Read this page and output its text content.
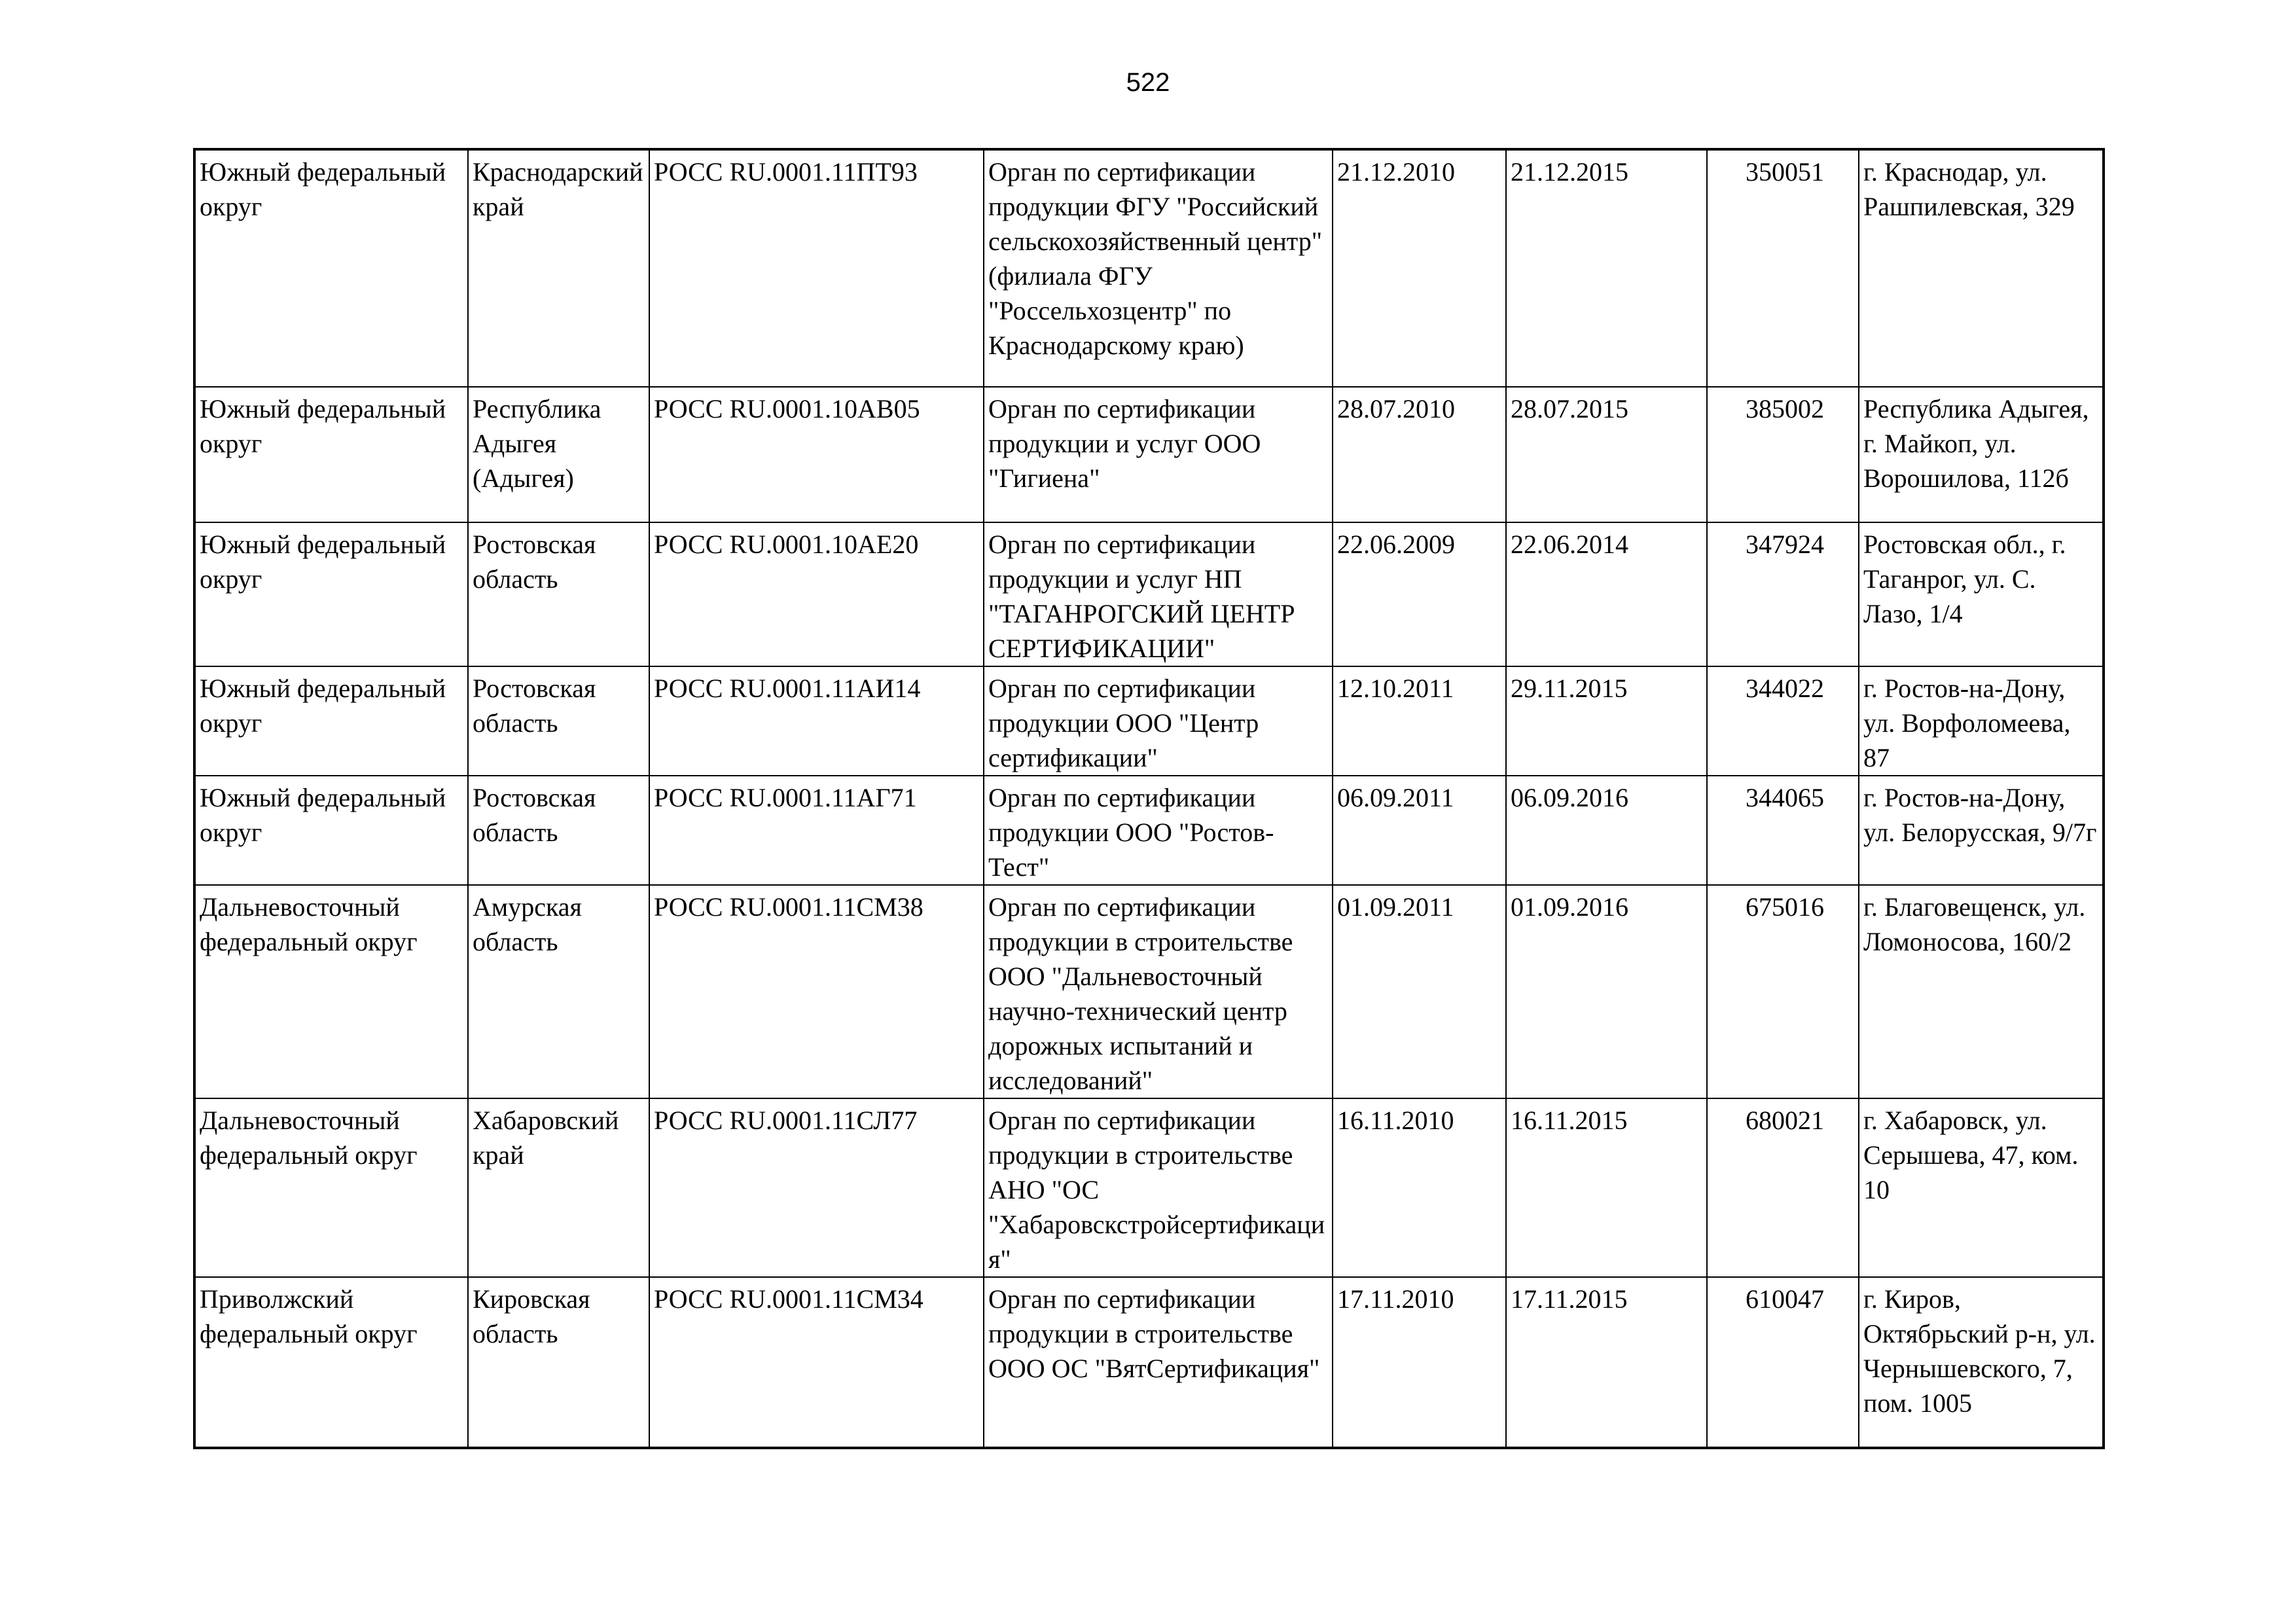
522
Южный федеральный округ	Краснодарский край	РОСС RU.0001.11ПТ93	Орган по сертификации продукции ФГУ "Российский сельскохозяйственный центр" (филиала ФГУ "Россельхозцентр" по Краснодарскому краю)	21.12.2010	21.12.2015	350051	г. Краснодар, ул. Рашпилевская, 329
Южный федеральный округ	Республика Адыгея (Адыгея)	РОСС RU.0001.10АВ05	Орган по сертификации продукции и услуг ООО "Гигиена"	28.07.2010	28.07.2015	385002	Республика Адыгея, г. Майкоп, ул. Ворошилова, 112б
Южный федеральный округ	Ростовская область	РОСС RU.0001.10АЕ20	Орган по сертификации продукции и услуг НП "ТАГАНРОГСКИЙ ЦЕНТР СЕРТИФИКАЦИИ"	22.06.2009	22.06.2014	347924	Ростовская обл., г. Таганрог, ул. С. Лазо, 1/4
Южный федеральный округ	Ростовская область	РОСС RU.0001.11АИ14	Орган по сертификации продукции ООО "Центр сертификации"	12.10.2011	29.11.2015	344022	г. Ростов-на-Дону, ул. Ворфоломеева, 87
Южный федеральный округ	Ростовская область	РОСС RU.0001.11АГ71	Орган по сертификации продукции ООО "Ростов-Тест"	06.09.2011	06.09.2016	344065	г. Ростов-на-Дону, ул. Белорусская, 9/7г
Дальневосточный федеральный округ	Амурская область	РОСС RU.0001.11СМ38	Орган по сертификации продукции в строительстве ООО "Дальневосточный научно-технический центр дорожных испытаний и исследований"	01.09.2011	01.09.2016	675016	г. Благовещенск, ул. Ломоносова, 160/2
Дальневосточный федеральный округ	Хабаровский край	РОСС RU.0001.11СЛ77	Орган по сертификации продукции в строительстве АНО "ОС "Хабаровскстройсертификация"	16.11.2010	16.11.2015	680021	г. Хабаровск, ул. Серышева, 47, ком. 10
Приволжский федеральный округ	Кировская область	РОСС RU.0001.11СМ34	Орган по сертификации продукции в строительстве ООО ОС "ВятСертификация"	17.11.2010	17.11.2015	610047	г. Киров, Октябрьский р-н, ул. Чернышевского, 7, пом. 1005
